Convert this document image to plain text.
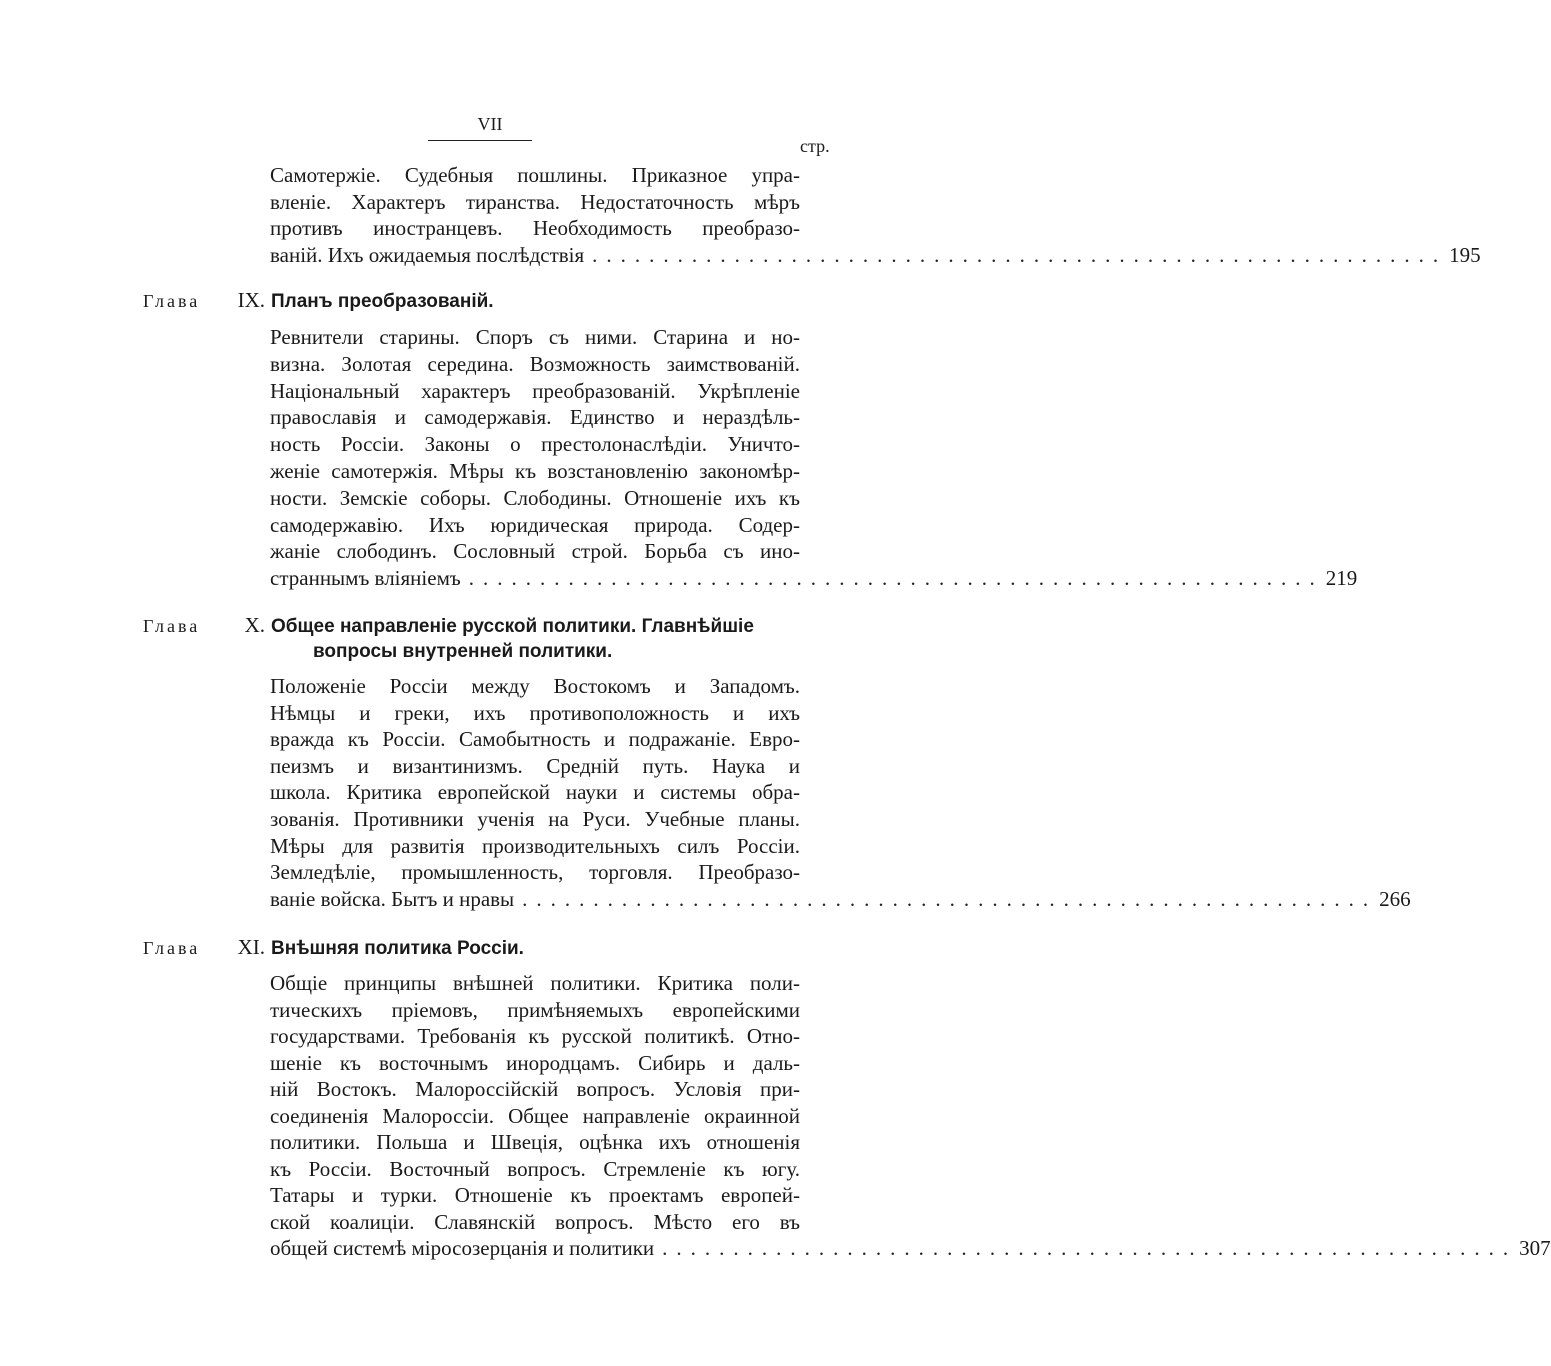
VII
стр.
Самотержіе. Судебныя пошлины. Приказное упра-
вленіе. Характеръ тиранства. Недостаточность мѣръ
противъ иностранцевъ. Необходимость преобразо-
ваній. Ихъ ожидаемыя послѣдствія ............................................................ 195
Глава	IX. Планъ преобразованій.
Ревнители старины. Споръ съ ними. Старина и но-
визна. Золотая середина. Возможность заимствованій.
Національный характеръ преобразованій. Укрѣпленіе
православія и самодержавія. Единство и нераздѣль-
ность Россіи. Законы о престолонаслѣдіи. Уничто-
женіе самотержія. Мѣры къ возстановленію закономѣр-
ности. Земскіе соборы. Слободины. Отношеніе ихъ къ
самодержавію. Ихъ юридическая природа. Содер-
жаніе слободинъ. Сословный строй. Борьба съ ино-
страннымъ вліяніемъ ............................................................ 219
Глава	X. Общее направленіе русской политики. Главнѣйшіе
вопросы внутренней политики.
Положеніе Россіи между Востокомъ и Западомъ.
Нѣмцы и греки, ихъ противоположность и ихъ
вражда къ Россіи. Самобытность и подражаніе. Евро-
пеизмъ и византинизмъ. Средній путь. Наука и
школа. Критика европейской науки и системы обра-
зованія. Противники ученія на Руси. Учебные планы.
Мѣры для развитія производительныхъ силъ Россіи.
Земледѣліе, промышленность, торговля. Преобразо-
ваніе войска. Бытъ и нравы ............................................................ 266
Глава	XI. Внѣшняя политика Россіи.
Общіе принципы внѣшней политики. Критика поли-
тическихъ пріемовъ, примѣняемыхъ европейскими
государствами. Требованія къ русской политикѣ. Отно-
шеніе къ восточнымъ инородцамъ. Сибирь и даль-
ній Востокъ. Малороссійскій вопросъ. Условія при-
соединенія Малороссіи. Общее направленіе окраинной
политики. Польша и Швеція, оцѣнка ихъ отношенія
къ Россіи. Восточный вопросъ. Стремленіе къ югу.
Татары и турки. Отношеніе къ проектамъ европей-
ской коалиціи. Славянскій вопросъ. Мѣсто его въ
общей системѣ міросозерцанія и политики ............................................................ 307
